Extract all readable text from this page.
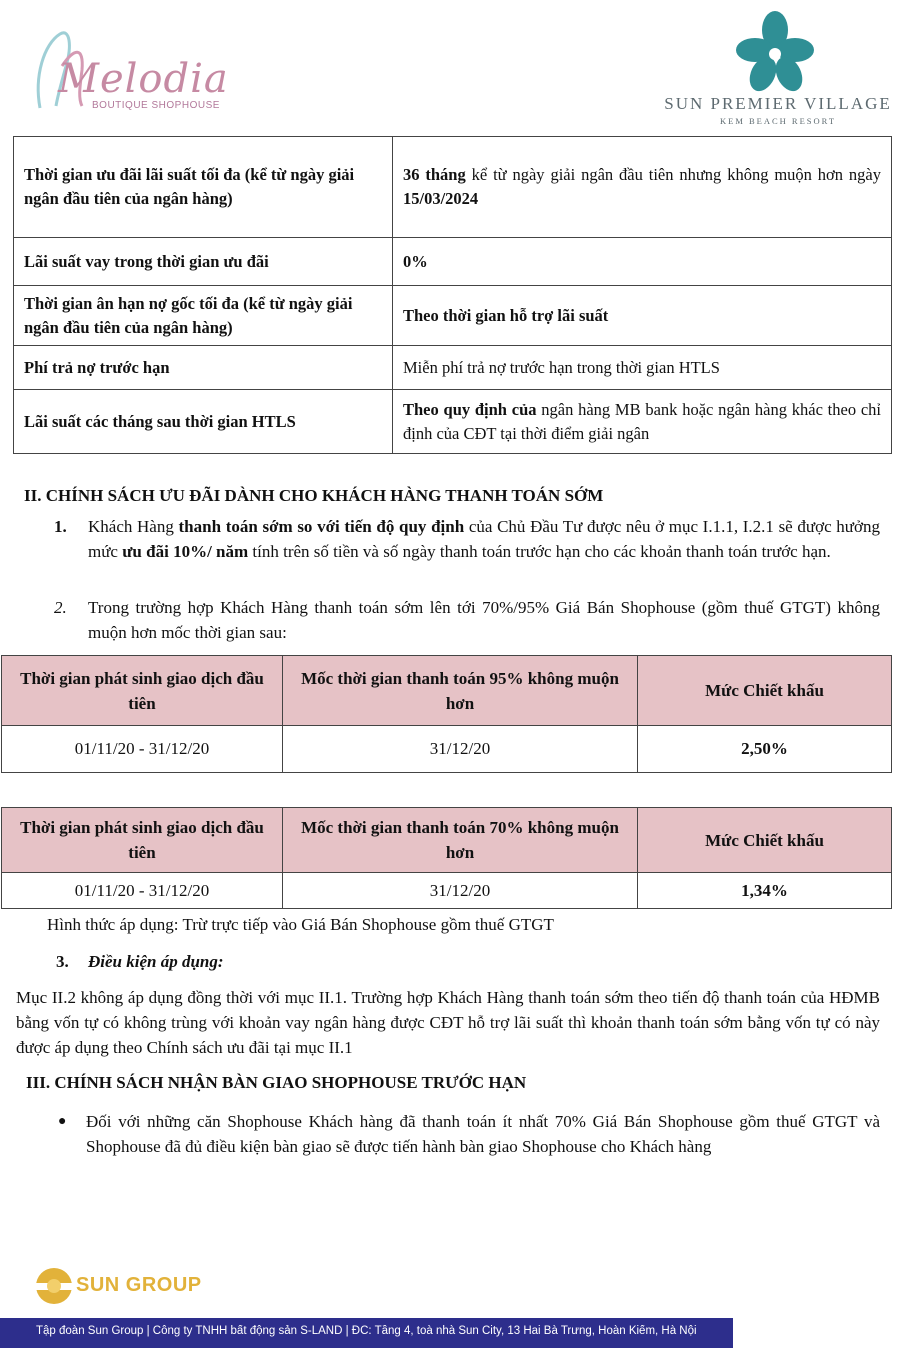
Melodia
BOUTIQUE SHOPHOUSE	SUN PREMIER VILLAGE
KEM BEACH RESORT
Thời gian ưu đãi lãi suất tối đa (kể từ ngày giải ngân đầu tiên của ngân hàng)	36 tháng kể từ ngày giải ngân đầu tiên nhưng không muộn hơn ngày 15/03/2024
Lãi suất vay trong thời gian ưu đãi	0%
Thời gian ân hạn nợ gốc tối đa (kể từ ngày giải ngân đầu tiên của ngân hàng)	Theo thời gian hỗ trợ lãi suất
Phí trả nợ trước hạn	Miễn phí trả nợ trước hạn trong thời gian HTLS
Lãi suất các tháng sau thời gian HTLS	Theo quy định của ngân hàng MB bank hoặc ngân hàng khác theo chỉ định của CĐT tại thời điểm giải ngân
II. CHÍNH SÁCH ƯU ĐÃI DÀNH CHO KHÁCH HÀNG THANH TOÁN SỚM
1.	Khách Hàng thanh toán sớm so với tiến độ quy định của Chủ Đầu Tư được nêu ở mục I.1.1, I.2.1 sẽ được hưởng mức ưu đãi 10%/ năm tính trên số tiền và số ngày thanh toán trước hạn cho các khoản thanh toán trước hạn.
2.	Trong trường hợp Khách Hàng thanh toán sớm lên tới 70%/95% Giá Bán Shophouse (gồm thuế GTGT) không muộn hơn mốc thời gian sau:
Thời gian phát sinh giao dịch đầu tiên	Mốc thời gian thanh toán 95% không muộn hơn	Mức Chiết khấu
01/11/20 - 31/12/20	31/12/20	2,50%
Thời gian phát sinh giao dịch đầu tiên	Mốc thời gian thanh toán 70% không muộn hơn	Mức Chiết khấu
01/11/20 - 31/12/20	31/12/20	1,34%
Hình thức áp dụng: Trừ trực tiếp vào Giá Bán Shophouse gồm thuế GTGT
3.	Điều kiện áp dụng:
Mục II.2 không áp dụng đồng thời với mục II.1. Trường hợp Khách Hàng thanh toán sớm theo tiến độ thanh toán của HĐMB bằng vốn tự có không trùng với khoản vay ngân hàng được CĐT hỗ trợ lãi suất thì khoản thanh toán sớm bằng vốn tự có này được áp dụng theo Chính sách ưu đãi tại mục II.1
III. CHÍNH SÁCH NHẬN BÀN GIAO SHOPHOUSE TRƯỚC HẠN
●	Đối với những căn Shophouse Khách hàng đã thanh toán ít nhất 70% Giá Bán Shophouse gồm thuế GTGT và Shophouse đã đủ điều kiện bàn giao sẽ được tiến hành bàn giao Shophouse cho Khách hàng
SUN GROUP
Tập đoàn Sun Group | Công ty TNHH bất động sản S-LAND | ĐC: Tầng 4, toà nhà Sun City, 13 Hai Bà Trưng, Hoàn Kiếm, Hà Nội
